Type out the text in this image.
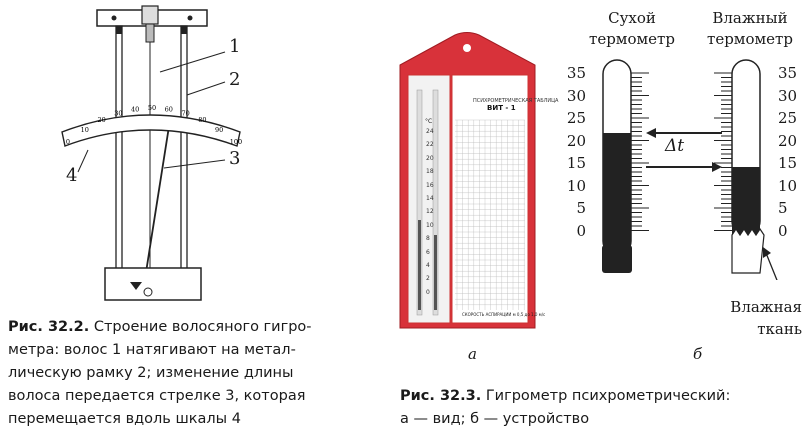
0
10
20
30
40 50 60
70
80
90
100
1
2
3
4
Рис. 32.2. Строение волосяного гигро-
метра: волос 1 натягивают на метал-
лическую рамку 2; изменение длины
волоса передается стрелке 3, которая
перемещается вдоль шкалы 4
ПСИХРОМЕТРИЧЕСКАЯ ТАБЛИЦА
ВИТ - 1
°C
СКОРОСТЬ АСПИРАЦИИ м 0,5 до 1,0 м/с
24
22
20
18
16
14
12
10
8
6
4
2
0
а	б
Сухой
термометр
Влажный
термометр
35	35
30	30
25	25
20	20
15	15
10	10
5	5
0	0
Δt
Влажная
ткань
Рис. 32.3. Гигрометр психрометрический:
а — вид; б — устройство
